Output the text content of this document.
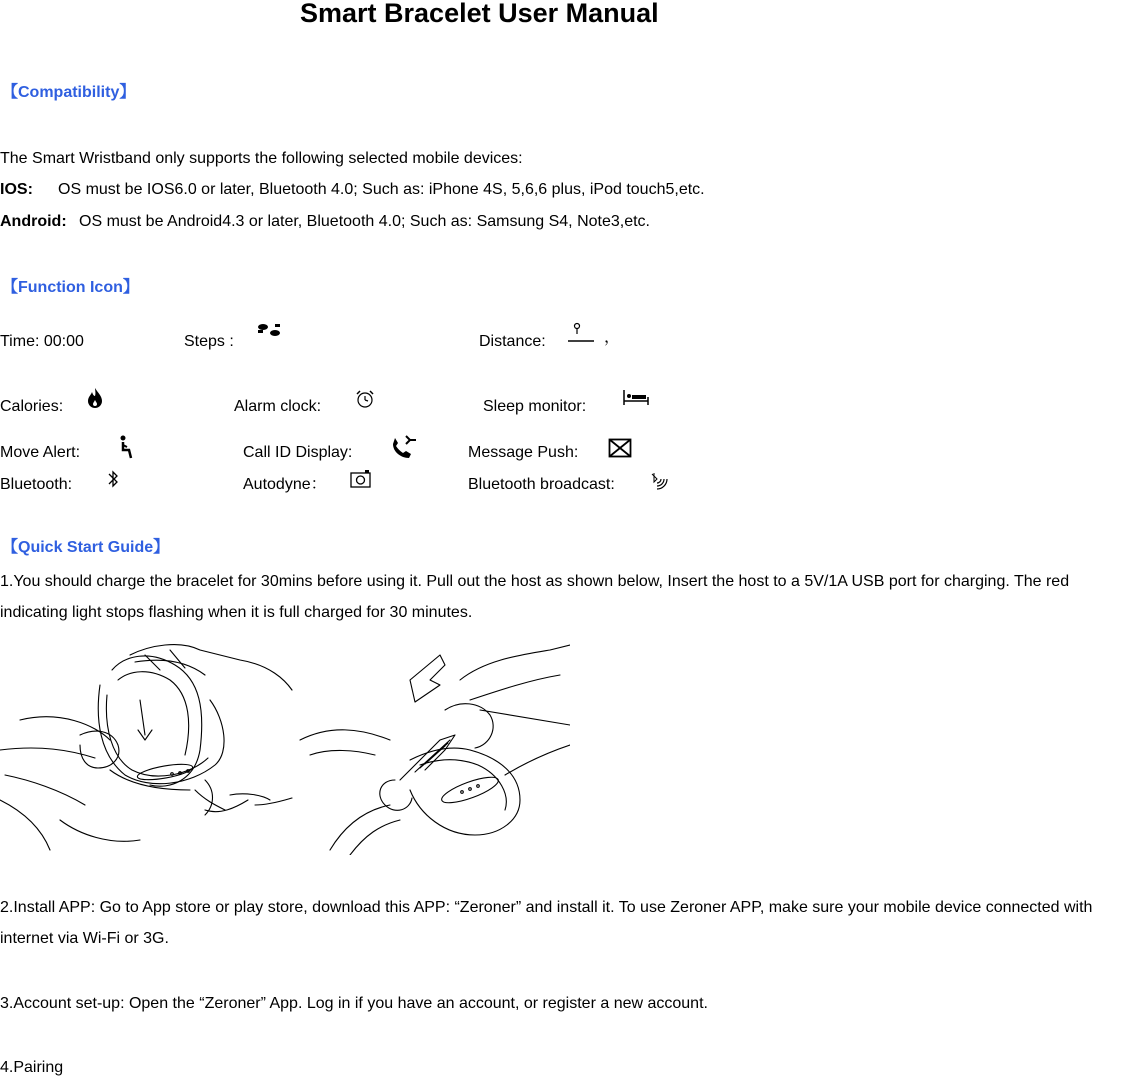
Smart Bracelet User Manual
【Compatibility】
The Smart Wristband only supports the following selected mobile devices:
IOS: OS must be IOS6.0 or later, Bluetooth 4.0; Such as: iPhone 4S, 5,6,6 plus, iPod touch5,etc.
Android: OS must be Android4.3 or later, Bluetooth 4.0; Such as: Samsung S4, Note3,etc.
【Function Icon】
Time: 00:00	Steps :	Distance:	，
Calories:	Alarm clock:	Sleep monitor:
Move Alert:	Call ID Display:	Message Push:
Bluetooth:	Autodyne：	Bluetooth broadcast:
【Quick Start Guide】
1.You should charge the bracelet for 30mins before using it. Pull out the host as shown below, Insert the host to a 5V/1A USB port for charging. The red indicating light stops flashing when it is full charged for 30 minutes.
2.Install APP: Go to App store or play store, download this APP: “Zeroner” and install it. To use Zeroner APP, make sure your mobile device connected with internet via Wi-Fi or 3G.
3.Account set-up: Open the “Zeroner” App. Log in if you have an account, or register a new account.
4.Pairing
